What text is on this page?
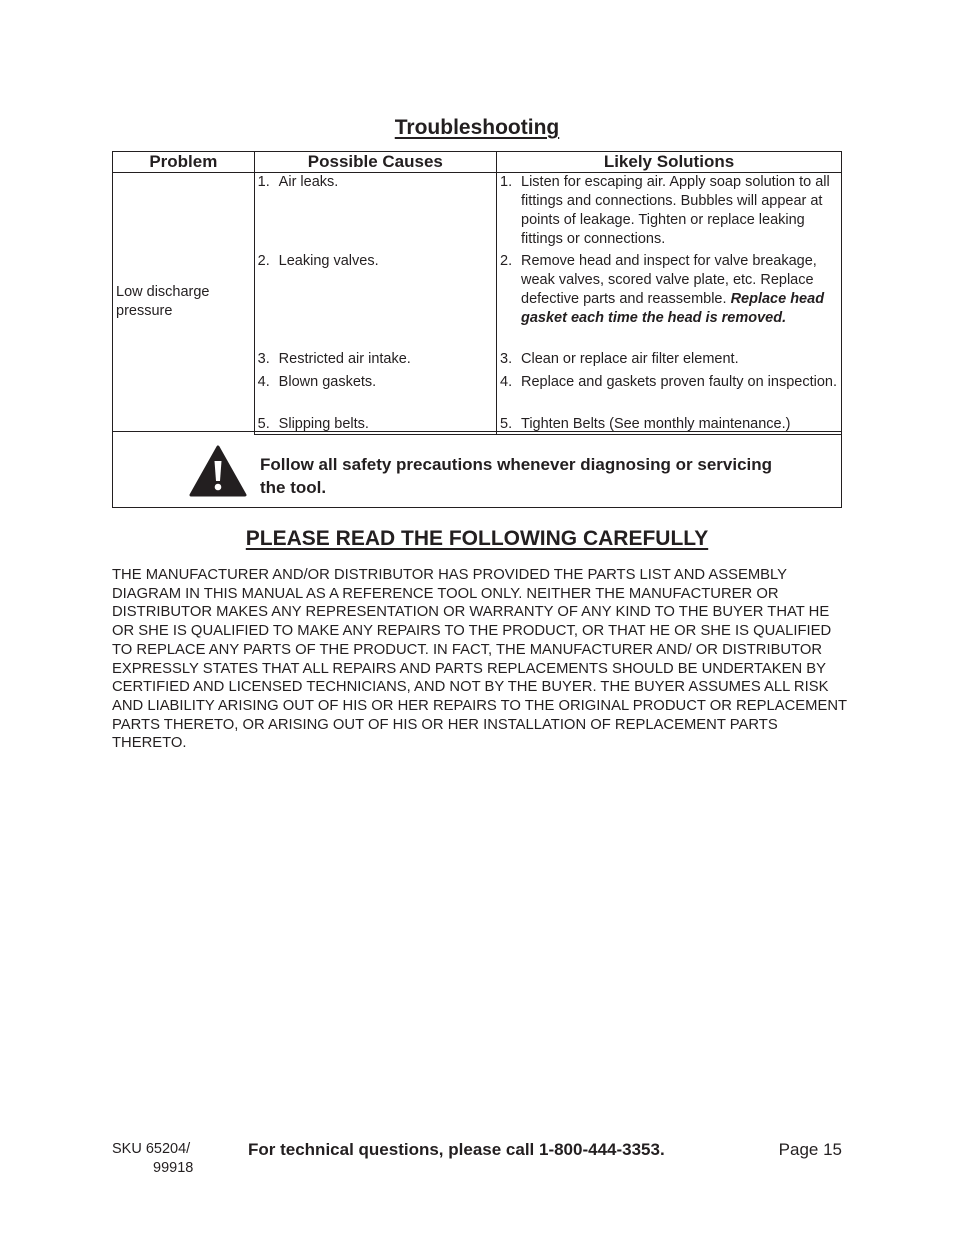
Troubleshooting
Problem	Possible Causes	Likely Solutions

Low discharge pressure	1. Air leaks.	1. Listen for escaping air. Apply soap solution to all fittings and connections. Bubbles will appear at points of leakage. Tighten or replace leaking fittings or connections.

	2. Leaking valves.	2. Remove head and inspect for valve breakage, weak valves, scored valve plate, etc. Replace defective parts and reassemble. Replace head gasket each time the head is removed.

	3. Restricted air intake.	3. Clean or replace air filter element.

	4. Blown gaskets.	4. Replace and gaskets proven faulty on inspection.

	5. Slipping belts.	5. Tighten Belts (See monthly maintenance.)
Follow all safety precautions whenever diagnosing or servicing the tool.
PLEASE READ THE FOLLOWING CAREFULLY
THE MANUFACTURER AND/OR DISTRIBUTOR HAS PROVIDED THE PARTS LIST AND ASSEMBLY DIAGRAM IN THIS MANUAL AS A REFERENCE TOOL ONLY. NEITHER THE MANUFACTURER OR DISTRIBUTOR MAKES ANY REPRESENTATION OR WARRANTY OF ANY KIND TO THE BUYER THAT HE OR SHE IS QUALIFIED TO MAKE ANY REPAIRS TO THE PRODUCT, OR THAT HE OR SHE IS QUALIFIED TO REPLACE ANY PARTS OF THE PRODUCT. IN FACT, THE MANUFACTURER AND/ OR DISTRIBUTOR EXPRESSLY STATES THAT ALL REPAIRS AND PARTS REPLACEMENTS SHOULD BE UNDERTAKEN BY CERTIFIED AND LICENSED TECHNICIANS, AND NOT BY THE BUYER. THE BUYER ASSUMES ALL RISK AND LIABILITY ARISING OUT OF HIS OR HER REPAIRS TO THE ORIGINAL PRODUCT OR REPLACEMENT PARTS THERETO, OR ARISING OUT OF HIS OR HER INSTALLATION OF REPLACEMENT PARTS THERETO.
SKU 65204/
99918
For technical questions, please call 1-800-444-3353.	Page 15
